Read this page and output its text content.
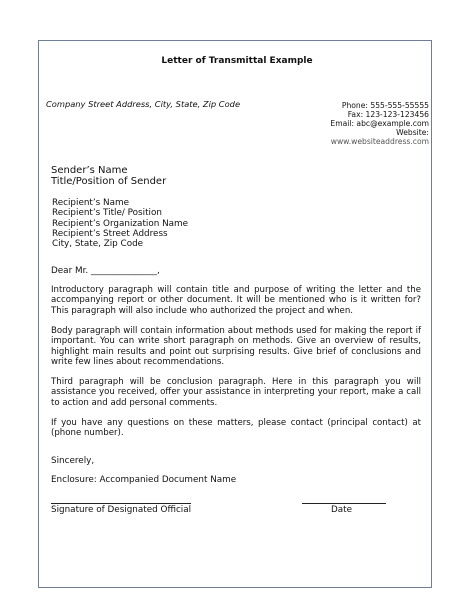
Letter of Transmittal Example
Company Street Address, City, State, Zip Code	Phone: 555-555-55555
Fax: 123-123-123456
Email: abc@example.com
Website:
www.websiteaddress.com
Sender’s Name
Title/Position of Sender
Recipient’s Name
Recipient’s Title/ Position
Recipient’s Organization Name
Recipient’s Street Address
City, State, Zip Code
Dear Mr. _______________,
Introductory paragraph will contain title and purpose of writing the letter and the accompanying report or other document. It will be mentioned who is it written for? This paragraph will also include who authorized the project and when.
Body paragraph will contain information about methods used for making the report if important. You can write short paragraph on methods. Give an overview of results, highlight main results and point out surprising results. Give brief of conclusions and write few lines about recommendations.
Third paragraph will be conclusion paragraph. Here in this paragraph you will assistance you received, offer your assistance in interpreting your report, make a call to action and add personal comments.
If you have any questions on these matters, please contact (principal contact) at (phone number).
Sincerely,
Enclosure: Accompanied Document Name
Signature of Designated Official	Date
